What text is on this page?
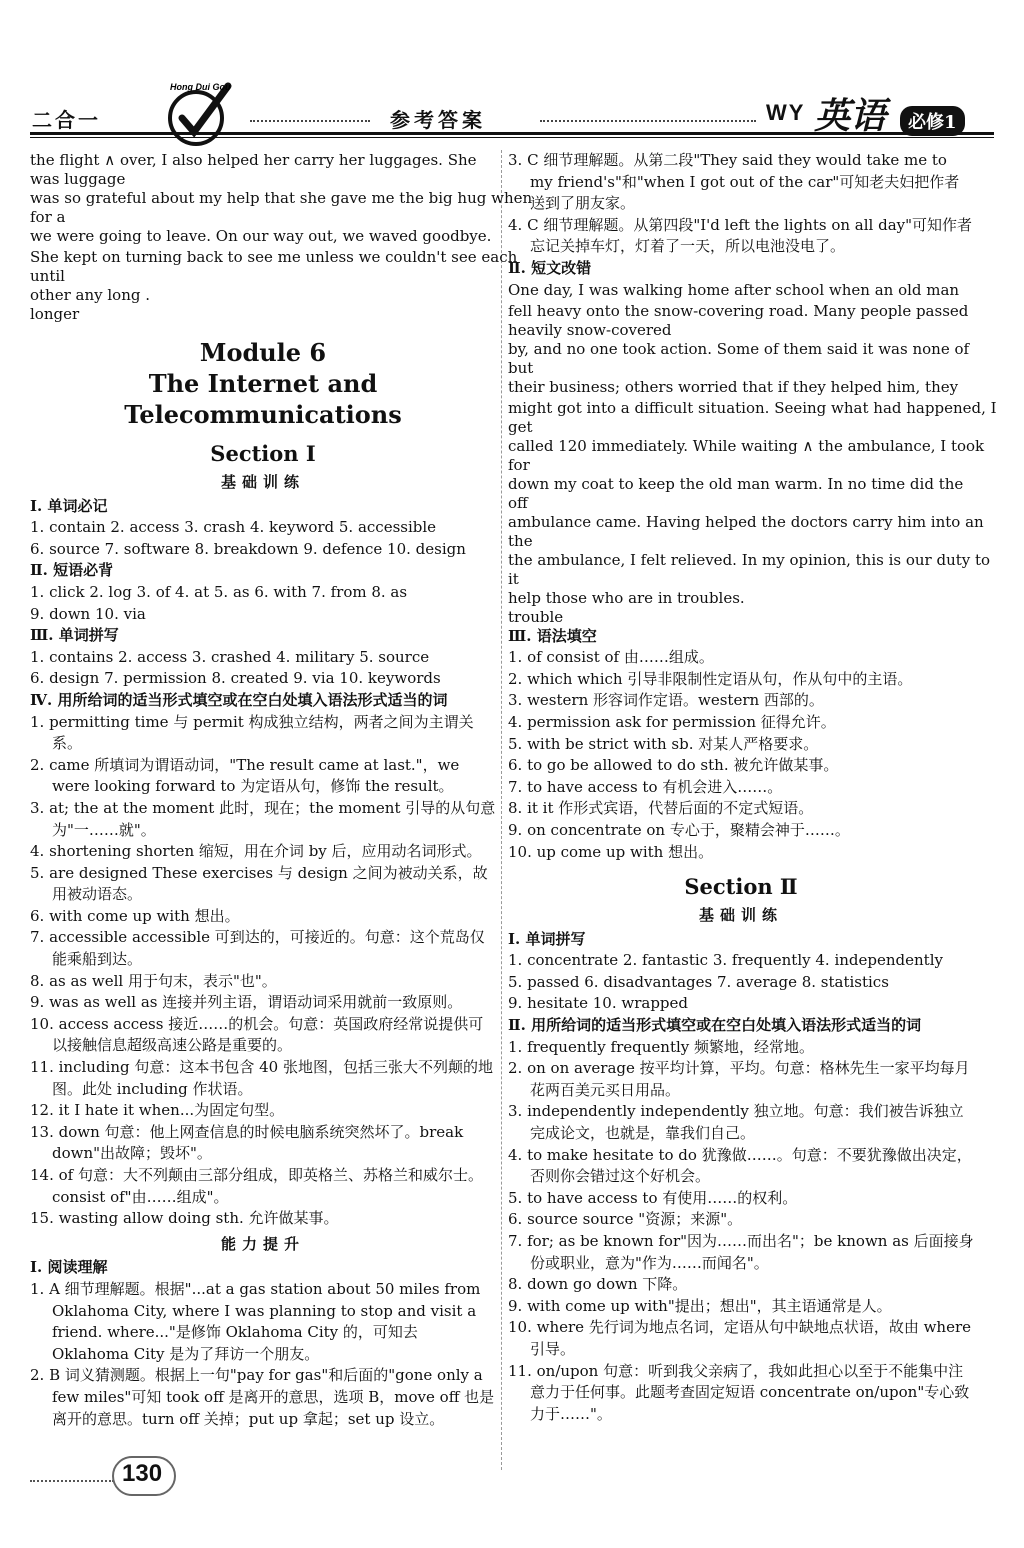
二合一
Hong Dui Gou
参考答案	WY 英语	必修1
the flight ∧ over, I also helped her carry her luggages. She
was luggage
was so grateful about my help that she gave me the big hug when
for a
we were going to leave. On our way out, we waved goodbye.
She kept on turning back to see me unless we couldn't see each
until
other any long .
longer
Module 6
The Internet and Telecommunications
Section Ⅰ
基础训练
Ⅰ. 单词必记
1. contain 2. access 3. crash 4. keyword 5. accessible
6. source 7. software 8. breakdown 9. defence 10. design
Ⅱ. 短语必背
1. click 2. log 3. of 4. at 5. as 6. with 7. from 8. as
9. down 10. via
Ⅲ. 单词拼写
1. contains 2. access 3. crashed 4. military 5. source
6. design 7. permission 8. created 9. via 10. keywords
Ⅳ. 用所给词的适当形式填空或在空白处填入语法形式适当的词
1. permitting time 与 permit 构成独立结构，两者之间为主谓关系。
2. came 所填词为谓语动词，"The result came at last."，we were looking forward to 为定语从句，修饰 the result。
3. at; the at the moment 此时，现在；the moment 引导的从句意为"一……就"。
4. shortening shorten 缩短，用在介词 by 后，应用动名词形式。
5. are designed These exercises 与 design 之间为被动关系，故用被动语态。
6. with come up with 想出。
7. accessible accessible 可到达的，可接近的。句意：这个荒岛仅能乘船到达。
8. as as well 用于句末，表示"也"。
9. was as well as 连接并列主语，谓语动词采用就前一致原则。
10. access access 接近……的机会。句意：英国政府经常说提供可以接触信息超级高速公路是重要的。
11. including 句意：这本书包含 40 张地图，包括三张大不列颠的地图。此处 including 作状语。
12. it I hate it when...为固定句型。
13. down 句意：他上网查信息的时候电脑系统突然坏了。break down"出故障；毁坏"。
14. of 句意：大不列颠由三部分组成，即英格兰、苏格兰和威尔士。consist of"由……组成"。
15. wasting allow doing sth. 允许做某事。
能力提升
Ⅰ. 阅读理解
1. A 细节理解题。根据"...at a gas station about 50 miles from Oklahoma City, where I was planning to stop and visit a friend. where..."是修饰 Oklahoma City 的，可知去 Oklahoma City 是为了拜访一个朋友。
2. B 词义猜测题。根据上一句"pay for gas"和后面的"gone only a few miles"可知 took off 是离开的意思，选项 B，move off 也是离开的意思。turn off 关掉；put up 拿起；set up 设立。
3. C 细节理解题。从第二段"They said they would take me to my friend's"和"when I got out of the car"可知老夫妇把作者送到了朋友家。
4. C 细节理解题。从第四段"I'd left the lights on all day"可知作者忘记关掉车灯，灯着了一天，所以电池没电了。
Ⅱ. 短文改错
One day, I was walking home after school when an old man
fell heavy onto the snow-covering road. Many people passed
heavily snow-covered
by, and no one took action. Some of them said it was none of
but
their business; others worried that if they helped him, they
might got into a difficult situation. Seeing what had happened, I
get
called 120 immediately. While waiting ∧ the ambulance, I took
for
down my coat to keep the old man warm. In no time did the
off
ambulance came. Having helped the doctors carry him into an
the
the ambulance, I felt relieved. In my opinion, this is our duty to
it
help those who are in troubles.
trouble
Ⅲ. 语法填空
1. of consist of 由……组成。
2. which which 引导非限制性定语从句，作从句中的主语。
3. western 形容词作定语。western 西部的。
4. permission ask for permission 征得允许。
5. with be strict with sb. 对某人严格要求。
6. to go be allowed to do sth. 被允许做某事。
7. to have access to 有机会进入……。
8. it it 作形式宾语，代替后面的不定式短语。
9. on concentrate on 专心于，聚精会神于……。
10. up come up with 想出。
Section Ⅱ
基础训练
Ⅰ. 单词拼写
1. concentrate 2. fantastic 3. frequently 4. independently
5. passed 6. disadvantages 7. average 8. statistics
9. hesitate 10. wrapped
Ⅱ. 用所给词的适当形式填空或在空白处填入语法形式适当的词
1. frequently frequently 频繁地，经常地。
2. on on average 按平均计算，平均。句意：格林先生一家平均每月花两百美元买日用品。
3. independently independently 独立地。句意：我们被告诉独立完成论文，也就是，靠我们自己。
4. to make hesitate to do 犹豫做……。句意：不要犹豫做出决定，否则你会错过这个好机会。
5. to have access to 有使用……的权利。
6. source source "资源；来源"。
7. for; as be known for"因为……而出名"；be known as 后面接身份或职业，意为"作为……而闻名"。
8. down go down 下降。
9. with come up with"提出；想出"，其主语通常是人。
10. where 先行词为地点名词，定语从句中缺地点状语，故由 where 引导。
11. on/upon 句意：听到我父亲病了，我如此担心以至于不能集中注意力于任何事。此题考查固定短语 concentrate on/upon"专心致力于……"。
130
